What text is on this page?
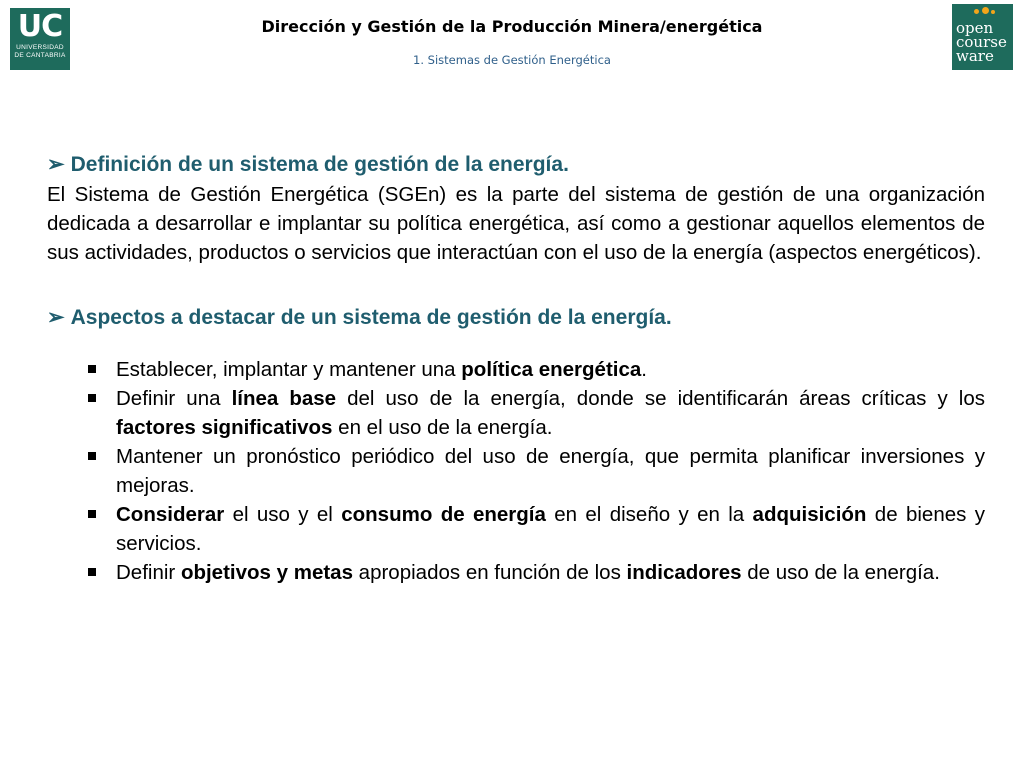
UC
UNIVERSIDAD
DE CANTABRIA
Dirección y Gestión de la Producción Minera/energética
1. Sistemas de Gestión Energética
open
course
ware
➢ Definición de un sistema de gestión de la energía.

El Sistema de Gestión Energética (SGEn) es la parte del sistema de gestión de una organización dedicada a desarrollar e implantar su política energética, así como a gestionar aquellos elementos de sus actividades, productos o servicios que interactúan con el uso de la energía (aspectos energéticos).

➢ Aspectos a destacar de un sistema de gestión de la energía.
Establecer, implantar y mantener una política energética.
Definir una línea base del uso de la energía, donde se identificarán áreas críticas y los factores significativos en el uso de la energía.
Mantener un pronóstico periódico del uso de energía, que permita planificar inversiones y mejoras.
Considerar el uso y el consumo de energía en el diseño y en la adquisición de bienes y servicios.
Definir objetivos y metas apropiados en función de los indicadores de uso de la energía.
